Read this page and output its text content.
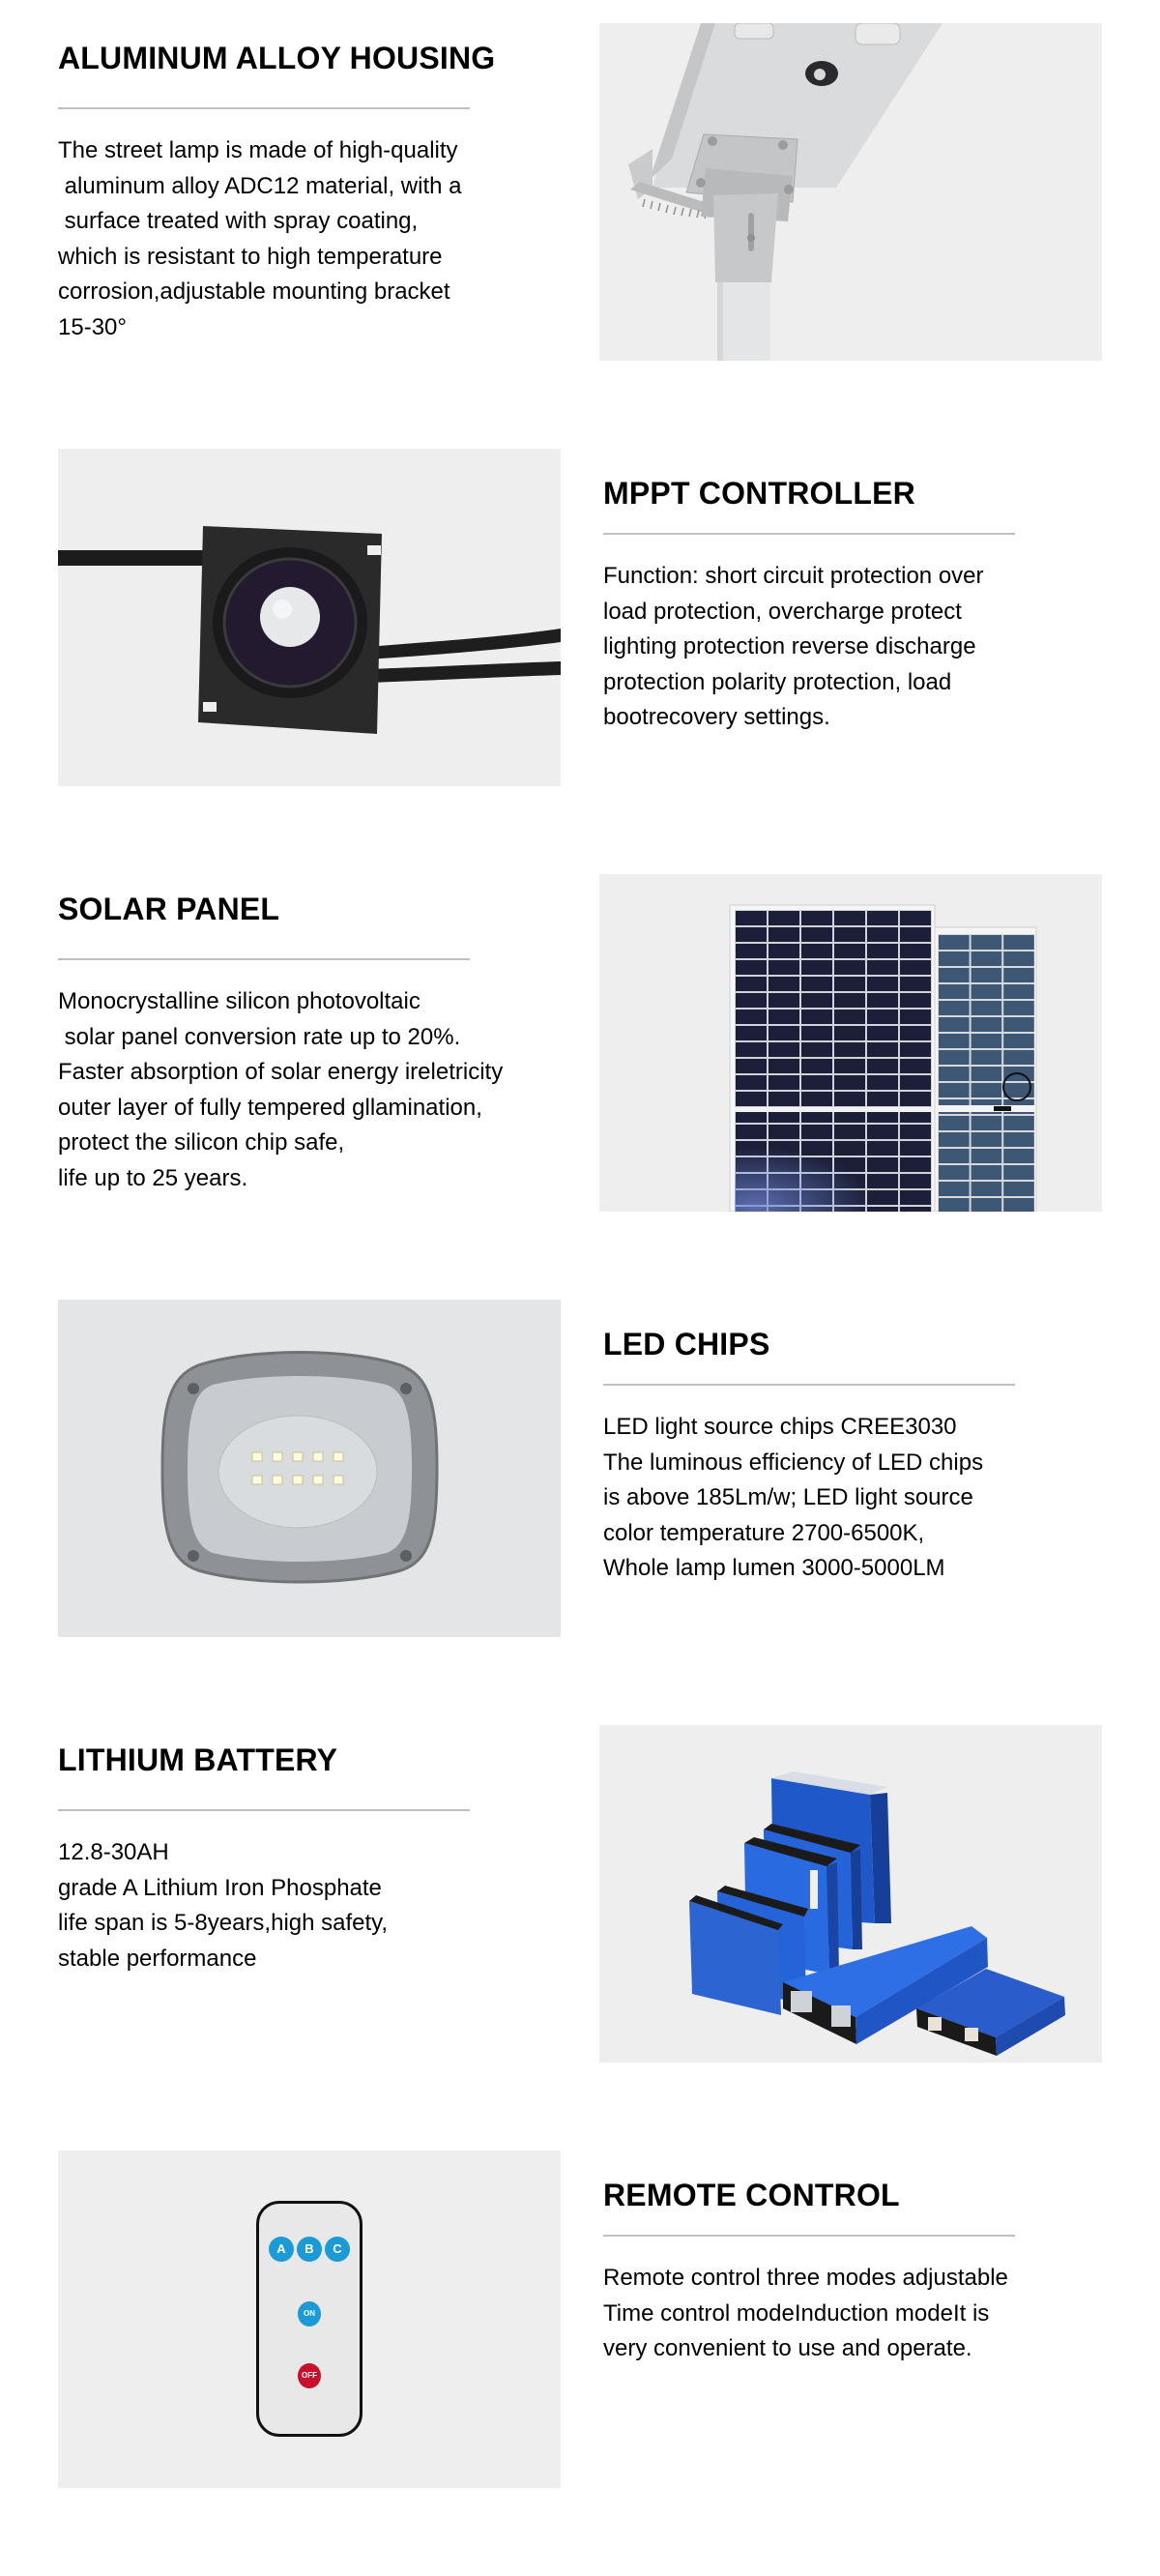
ALUMINUM ALLOY HOUSING
The street lamp is made of high-quality
aluminum alloy ADC12 material, with a
surface treated with spray coating,
which is resistant to high temperature
corrosion,adjustable mounting bracket
15-30°
MPPT CONTROLLER
Function: short circuit protection over
load protection, overcharge protect
lighting protection reverse discharge
protection polarity protection, load
bootrecovery settings.
SOLAR PANEL
Monocrystalline silicon photovoltaic
solar panel conversion rate up to 20%.
Faster absorption of solar energy ireletricity
outer layer of fully tempered gllamination,
protect the silicon chip safe,
life up to 25 years.
LED CHIPS
LED light source chips CREE3030
The luminous efficiency of LED chips
is above 185Lm/w; LED light source
color temperature 2700-6500K,
Whole lamp lumen 3000-5000LM
LITHIUM BATTERY
12.8-30AH
grade A Lithium Iron Phosphate
life span is 5-8years,high safety,
stable performance
A	B	C
ON
OFF
REMOTE CONTROL
Remote control three modes adjustable
Time control modeInduction modeIt is
very convenient to use and operate.
